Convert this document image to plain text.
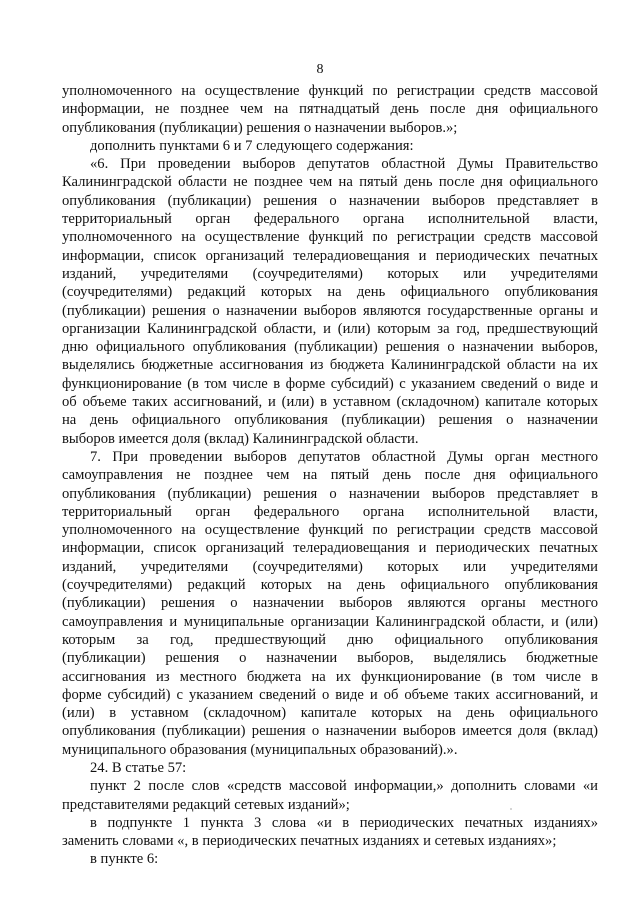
8
уполномоченного на осуществление функций по регистрации средств массовой
информации, не позднее чем на пятнадцатый день после дня официального
опубликования (публикации) решения о назначении выборов.»;
дополнить пунктами 6 и 7 следующего содержания:
«6. При проведении выборов депутатов областной Думы Правительство
Калининградской области не позднее чем на пятый день после дня официального
опубликования (публикации) решения о назначении выборов представляет в
территориальный орган федерального органа исполнительной власти,
уполномоченного на осуществление функций по регистрации средств массовой
информации, список организаций телерадиовещания и периодических печатных
изданий, учредителями (соучредителями) которых или учредителями
(соучредителями) редакций которых на день официального опубликования
(публикации) решения о назначении выборов являются государственные органы и
организации Калининградской области, и (или) которым за год, предшествующий
дню официального опубликования (публикации) решения о назначении выборов,
выделялись бюджетные ассигнования из бюджета Калининградской области на их
функционирование (в том числе в форме субсидий) с указанием сведений о виде и
об объеме таких ассигнований, и (или) в уставном (складочном) капитале которых
на день официального опубликования (публикации) решения о назначении
выборов имеется доля (вклад) Калининградской области.
7. При проведении выборов депутатов областной Думы орган местного
самоуправления не позднее чем на пятый день после дня официального
опубликования (публикации) решения о назначении выборов представляет в
территориальный орган федерального органа исполнительной власти,
уполномоченного на осуществление функций по регистрации средств массовой
информации, список организаций телерадиовещания и периодических печатных
изданий, учредителями (соучредителями) которых или учредителями
(соучредителями) редакций которых на день официального опубликования
(публикации) решения о назначении выборов являются органы местного
самоуправления и муниципальные организации Калининградской области, и (или)
которым за год, предшествующий дню официального опубликования
(публикации) решения о назначении выборов, выделялись бюджетные
ассигнования из местного бюджета на их функционирование (в том числе в
форме субсидий) с указанием сведений о виде и об объеме таких ассигнований, и
(или) в уставном (складочном) капитале которых на день официального
опубликования (публикации) решения о назначении выборов имеется доля (вклад)
муниципального образования (муниципальных образований).».
24. В статье 57:
пункт 2 после слов «средств массовой информации,» дополнить словами «и
представителями редакций сетевых изданий»;
в подпункте 1 пункта 3 слова «и в периодических печатных изданиях»
заменить словами «, в периодических печатных изданиях и сетевых изданиях»;
в пункте 6:
